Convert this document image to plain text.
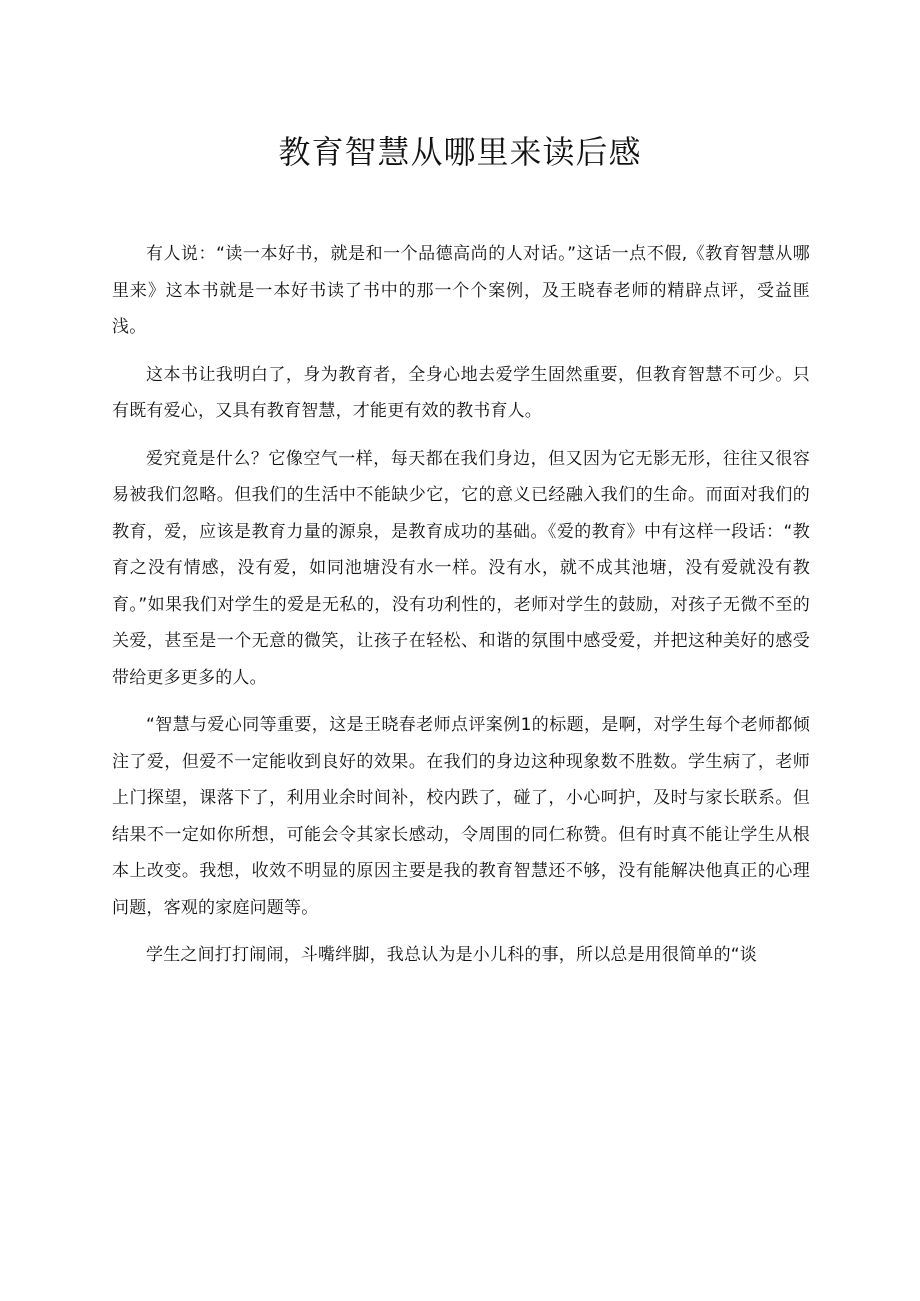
教育智慧从哪里来读后感

有人说：“读一本好书，就是和一个品德高尚的人对话。”这话一点不假,《教育智慧从哪里来》这本书就是一本好书读了书中的那一个个案例，及王晓春老师的精辟点评，受益匪浅。

这本书让我明白了，身为教育者，全身心地去爱学生固然重要，但教育智慧不可少。只有既有爱心，又具有教育智慧，才能更有效的教书育人。

爱究竟是什么？它像空气一样，每天都在我们身边，但又因为它无影无形，往往又很容易被我们忽略。但我们的生活中不能缺少它，它的意义已经融入我们的生命。而面对我们的教育，爱，应该是教育力量的源泉，是教育成功的基础。《爱的教育》中有这样一段话：“教育之没有情感，没有爱，如同池塘没有水一样。没有水，就不成其池塘，没有爱就没有教育。”如果我们对学生的爱是无私的，没有功利性的，老师对学生的鼓励，对孩子无微不至的关爱，甚至是一个无意的微笑，让孩子在轻松、和谐的氛围中感受爱，并把这种美好的感受带给更多更多的人。

“智慧与爱心同等重要，这是王晓春老师点评案例1的标题，是啊，对学生每个老师都倾注了爱，但爱不一定能收到良好的效果。在我们的身边这种现象数不胜数。学生病了，老师上门探望，课落下了，利用业余时间补，校内跌了，碰了，小心呵护，及时与家长联系。但结果不一定如你所想，可能会令其家长感动，令周围的同仁称赞。但有时真不能让学生从根本上改变。我想，收效不明显的原因主要是我的教育智慧还不够，没有能解决他真正的心理问题，客观的家庭问题等。

学生之间打打闹闹，斗嘴绊脚，我总认为是小儿科的事，所以总是用很简单的“谈
